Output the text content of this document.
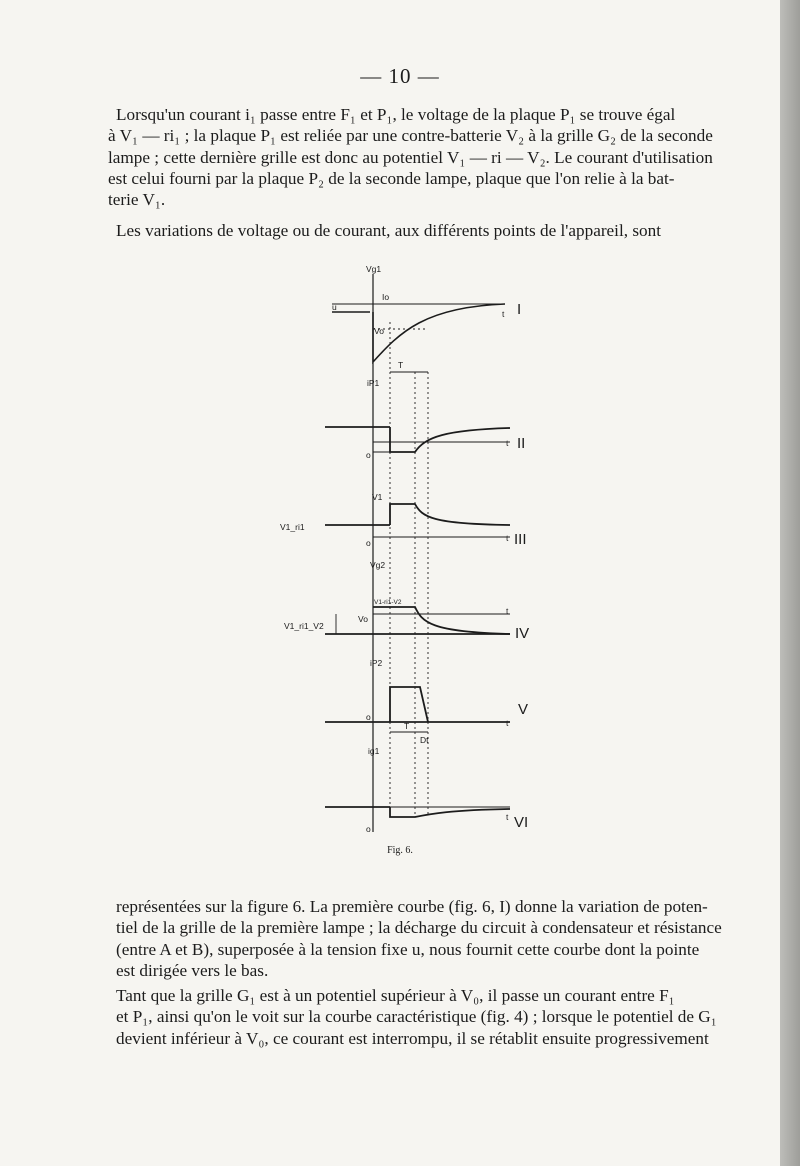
— 10 —

Lorsqu'un courant i₁ passe entre F₁ et P₁, le voltage de la plaque P₁ se trouve égal
à V₁ — ri₁ ; la plaque P₁ est reliée par une contre-batterie V₂ à la grille G₂ de la seconde
lampe ; cette dernière grille est donc au potentiel V₁ — ri — V₂. Le courant d'utilisation
est celui fourni par la plaque P₂ de la seconde lampe, plaque que l'on relie à la bat-
terie V₁.

Les variations de voltage ou de courant, aux différents points de l'appareil, sont

Vg1
u
Io
Vo
T
t
iP1
o
t
V1
V1_ri1
o	t
Vg2
V1-ri1-V2
Vo
V1_ri1_V2
t
iP2
o
T
Dt
t
ig1
o
t
I
II
III
IV
V
VI
Fig. 6.

représentées sur la figure 6. La première courbe (fig. 6, I) donne la variation de poten-
tiel de la grille de la première lampe ; la décharge du circuit à condensateur et résistance
(entre A et B), superposée à la tension fixe u, nous fournit cette courbe dont la pointe
est dirigée vers le bas.

Tant que la grille G₁ est à un potentiel supérieur à V₀, il passe un courant entre F₁
et P₁, ainsi qu'on le voit sur la courbe caractéristique (fig. 4) ; lorsque le potentiel de G₁
devient inférieur à V₀, ce courant est interrompu, il se rétablit ensuite progressivement
